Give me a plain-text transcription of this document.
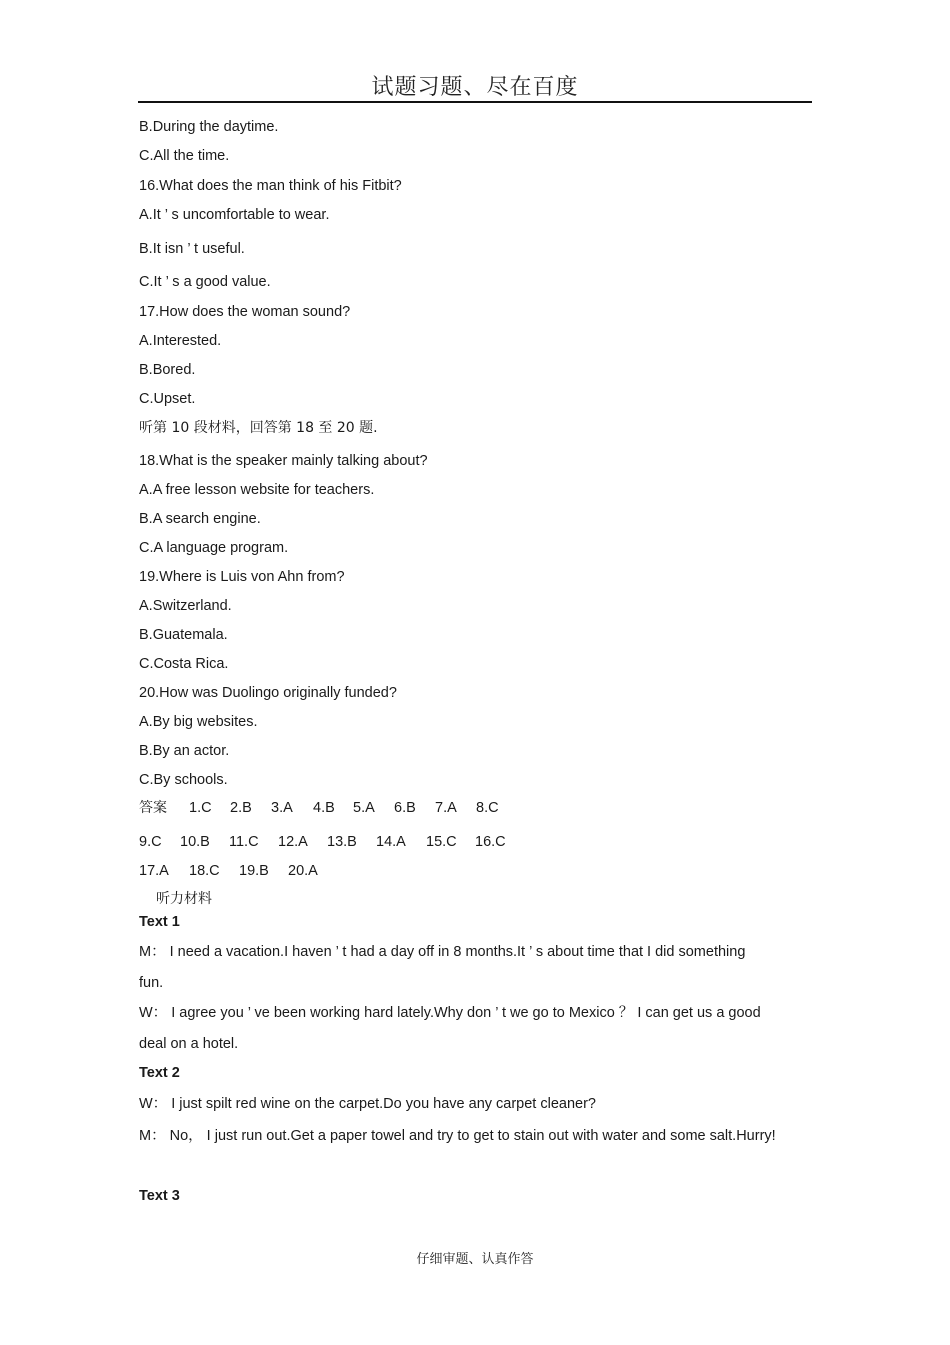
试题习题、尽在百度
B.During the daytime.
C.All the time.
16.What does the man think of his Fitbit?
A.It ’ s uncomfortable to wear.
B.It isn ’ t useful.
C.It ’ s a good value.
17.How does the woman sound?
A.Interested.
B.Bored.
C.Upset.
听第 10 段材料，回答第 18 至 20 题.
18.What is the speaker mainly talking about?
A.A free lesson website for teachers.
B.A search engine.
C.A language program.
19.Where is Luis von Ahn from?
A.Switzerland.
B.Guatemala.
C.Costa Rica.
20.How was Duolingo originally funded?
A.By big websites.
B.By an actor.
C.By schools.
答案 1.C 2.B 3.A 4.B 5.A 6.B 7.A 8.C
9.C 10.B 11.C 12.A 13.B 14.A 15.C 16.C
17.A 18.C 19.B 20.A
听力材料
Text 1
M： I need a vacation.I haven ’ t had a day off in 8 months.It ’ s about time that I did something
fun.
W： I agree you ’ ve been working hard lately.Why don ’ t we go to Mexico ？ I can get us a good
deal on a hotel.
Text 2
W： I just spilt red wine on the carpet.Do you have any carpet cleaner?
M： No， I just run out.Get a paper towel and try to get to stain out with water and some salt.Hurry!
Text 3
仔细审题、认真作答
